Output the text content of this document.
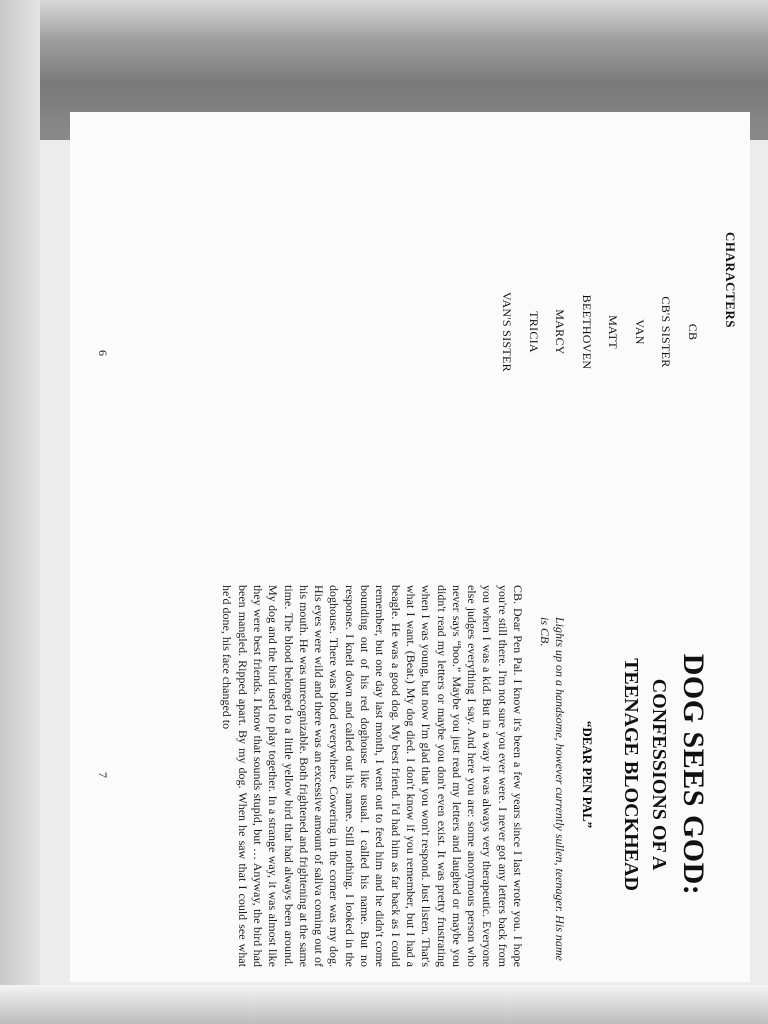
CHARACTERS
CB
CB'S SISTER
VAN
MATT
BEETHOVEN
MARCY
TRICIA
VAN'S SISTER
6
DOG SEES GOD:
CONFESSIONS OF A
TEENAGE BLOCKHEAD
“DEAR PEN PAL”
Lights up on a handsome, however currently sullen, teenager. His name is CB.

CB. Dear Pen Pal. I know it's been a few years since I last wrote you. I hope you're still there. I'm not sure you ever were. I never got any letters back from you when I was a kid. But in a way it was always very therapeutic. Everyone else judges everything I say. And here you are: some anonymous person who never says “boo.” Maybe you just read my letters and laughed or maybe you didn't read my letters or maybe you don't even exist. It was pretty frustrating when I was young, but now I'm glad that you won't respond. Just listen. That's what I want. (Beat.) My dog died. I don't know if you remember, but I had a beagle. He was a good dog. My best friend. I'd had him as far back as I could remember, but one day last month, I went out to feed him and he didn't come bounding out of his red doghouse like usual. I called his name. But no response. I knelt down and called out his name. Still nothing. I looked in the doghouse. There was blood everywhere. Cowering in the corner was my dog. His eyes were wild and there was an excessive amount of saliva coming out of his mouth. He was unrecognizable. Both frightened and frightening at the same time. The blood belonged to a little yellow bird that had always been around. My dog and the bird used to play together. In a strange way, it was almost like they were best friends. I know that sounds stupid, but … Anyway, the bird had been mangled. Ripped apart. By my dog. When he saw that I could see what he'd done, his face changed to

7
